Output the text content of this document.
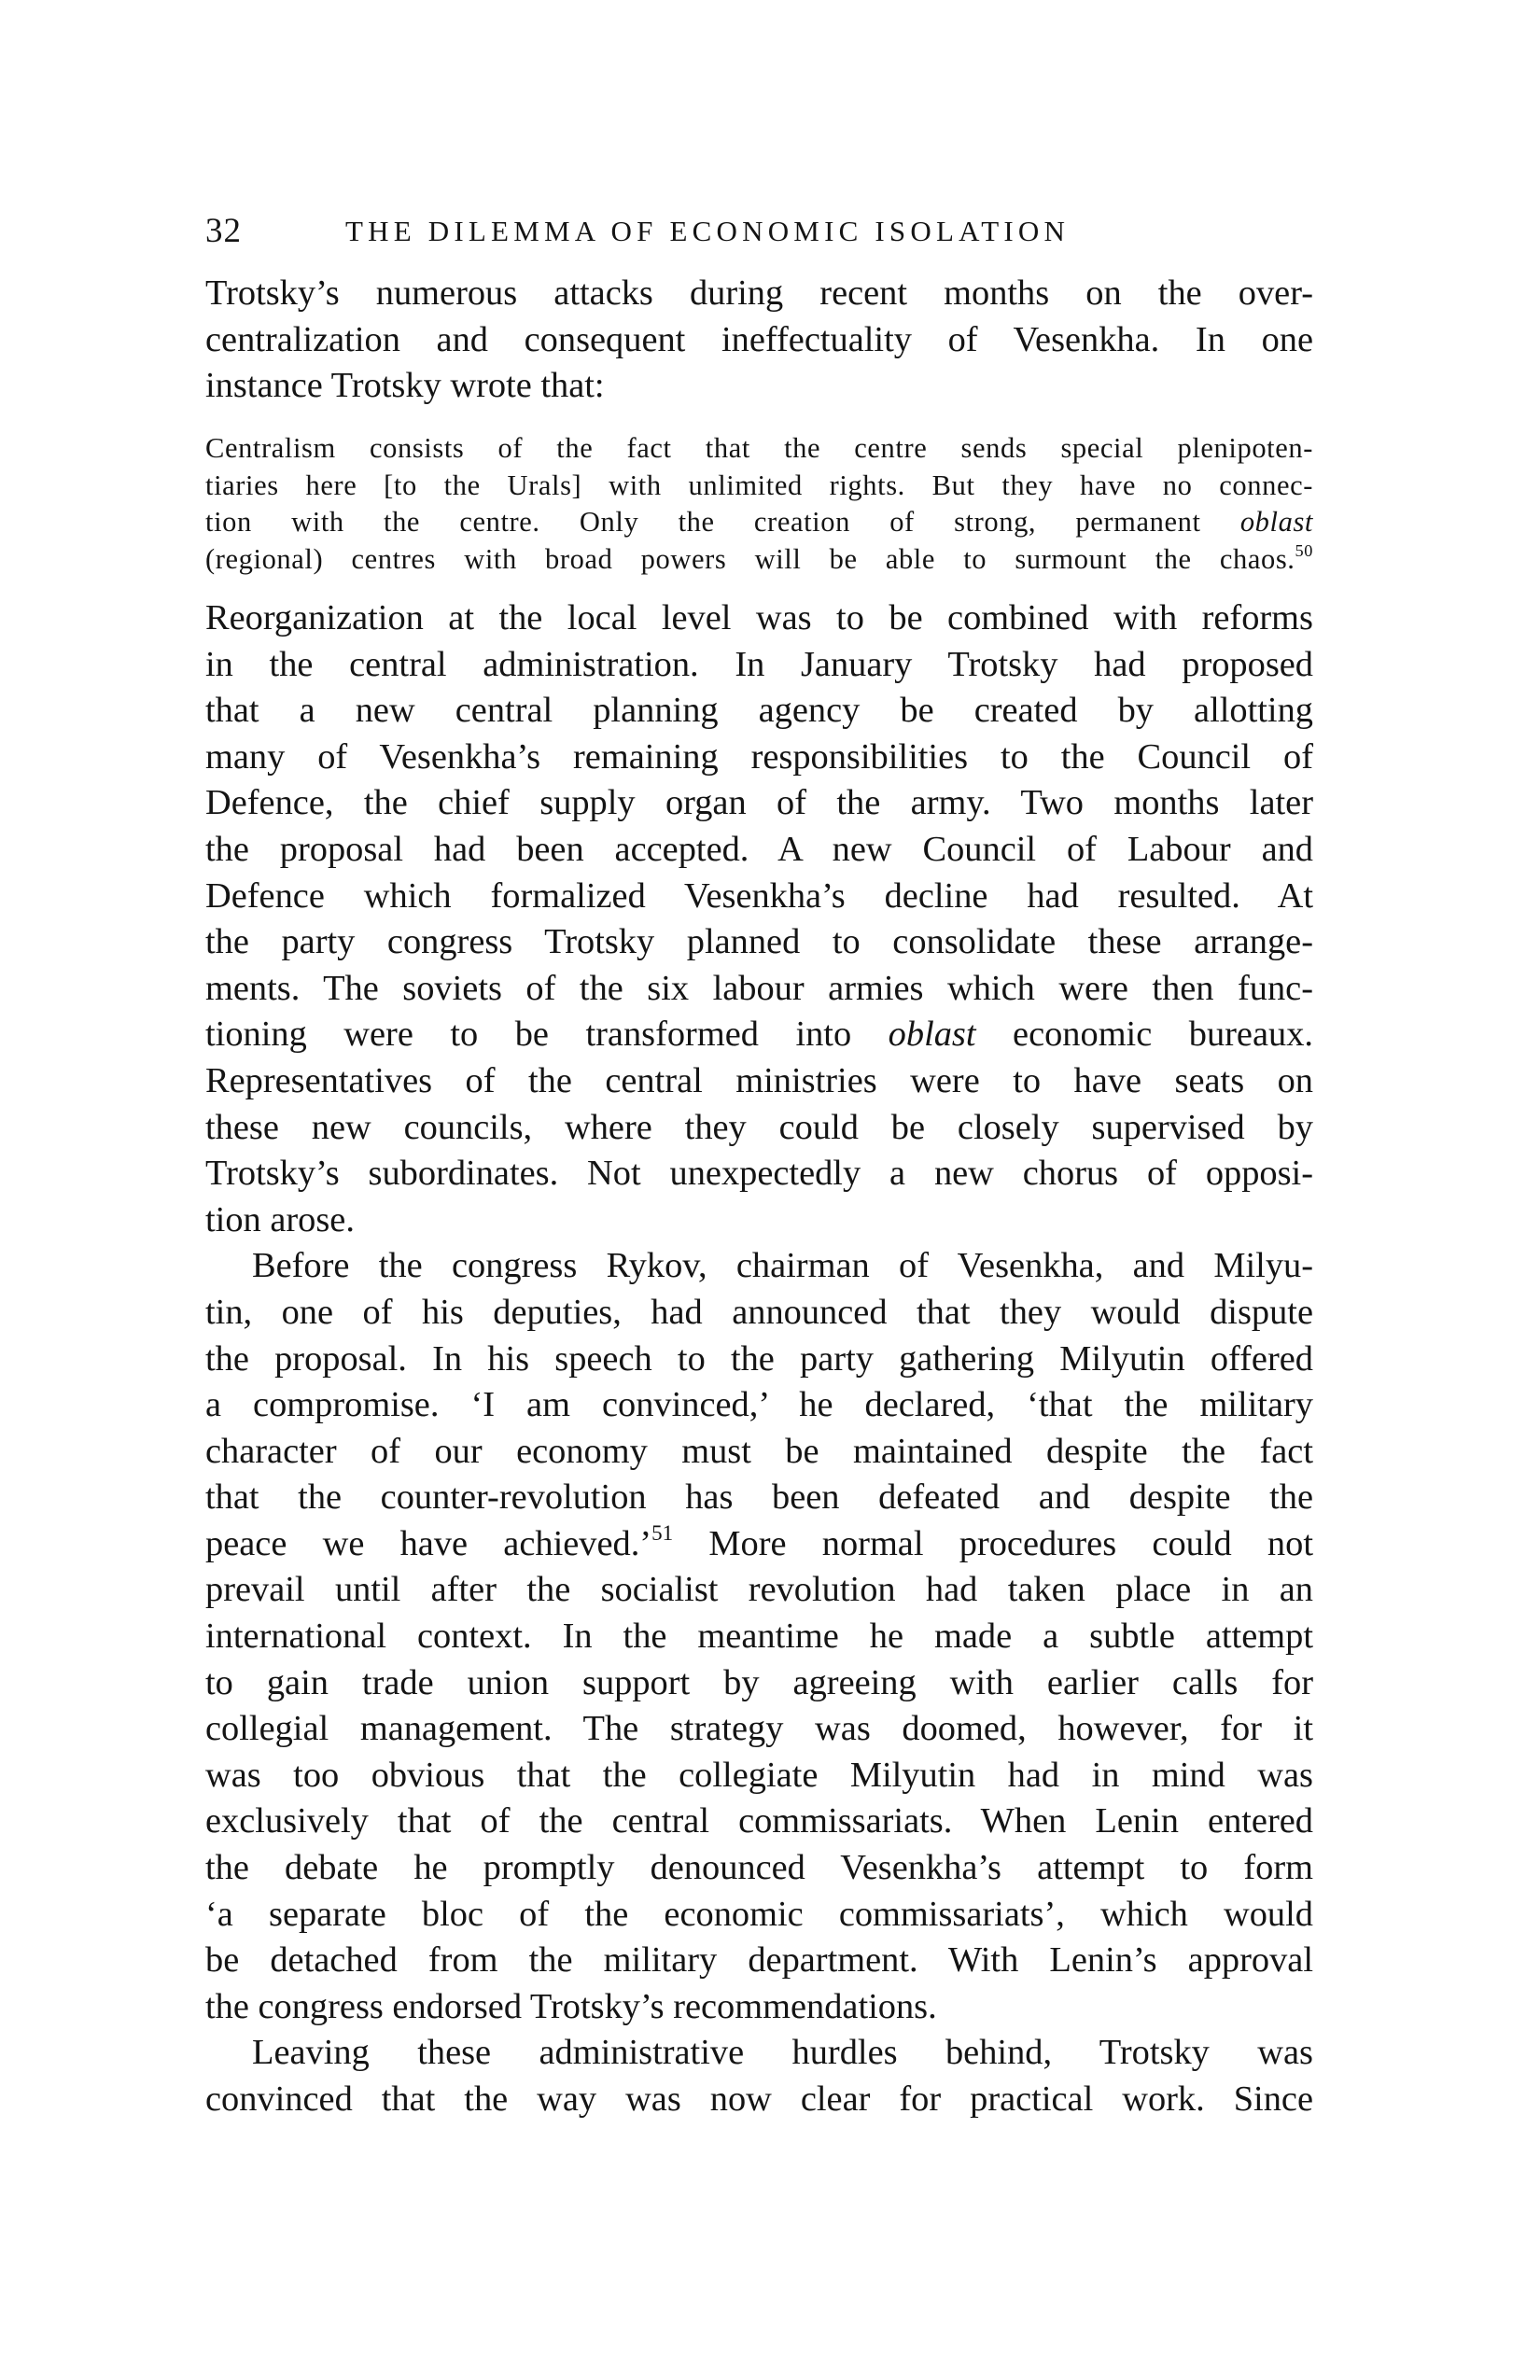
32	THE DILEMMA OF ECONOMIC ISOLATION

Trotsky’s numerous attacks during recent months on the over-
centralization and consequent ineffectuality of Vesenkha. In one
instance Trotsky wrote that:

Centralism consists of the fact that the centre sends special plenipoten-
tiaries here [to the Urals] with unlimited rights. But they have no connec-
tion with the centre. Only the creation of strong, permanent oblast
(regional) centres with broad powers will be able to surmount the chaos.$^{50}$

Reorganization at the local level was to be combined with reforms
in the central administration. In January Trotsky had proposed
that a new central planning agency be created by allotting
many of Vesenkha’s remaining responsibilities to the Council of
Defence, the chief supply organ of the army. Two months later
the proposal had been accepted. A new Council of Labour and
Defence which formalized Vesenkha’s decline had resulted. At
the party congress Trotsky planned to consolidate these arrange-
ments. The soviets of the six labour armies which were then func-
tioning were to be transformed into oblast economic bureaux.
Representatives of the central ministries were to have seats on
these new councils, where they could be closely supervised by
Trotsky’s subordinates. Not unexpectedly a new chorus of opposi-
tion arose.

Before the congress Rykov, chairman of Vesenkha, and Milyu-
tin, one of his deputies, had announced that they would dispute
the proposal. In his speech to the party gathering Milyutin offered
a compromise. ‘I am convinced,’ he declared, ‘that the military
character of our economy must be maintained despite the fact
that the counter-revolution has been defeated and despite the
peace we have achieved.’$^{51}$ More normal procedures could not
prevail until after the socialist revolution had taken place in an
international context. In the meantime he made a subtle attempt
to gain trade union support by agreeing with earlier calls for
collegial management. The strategy was doomed, however, for it
was too obvious that the collegiate Milyutin had in mind was
exclusively that of the central commissariats. When Lenin entered
the debate he promptly denounced Vesenkha’s attempt to form
‘a separate bloc of the economic commissariats’, which would
be detached from the military department. With Lenin’s approval
the congress endorsed Trotsky’s recommendations.

Leaving these administrative hurdles behind, Trotsky was
convinced that the way was now clear for practical work. Since
